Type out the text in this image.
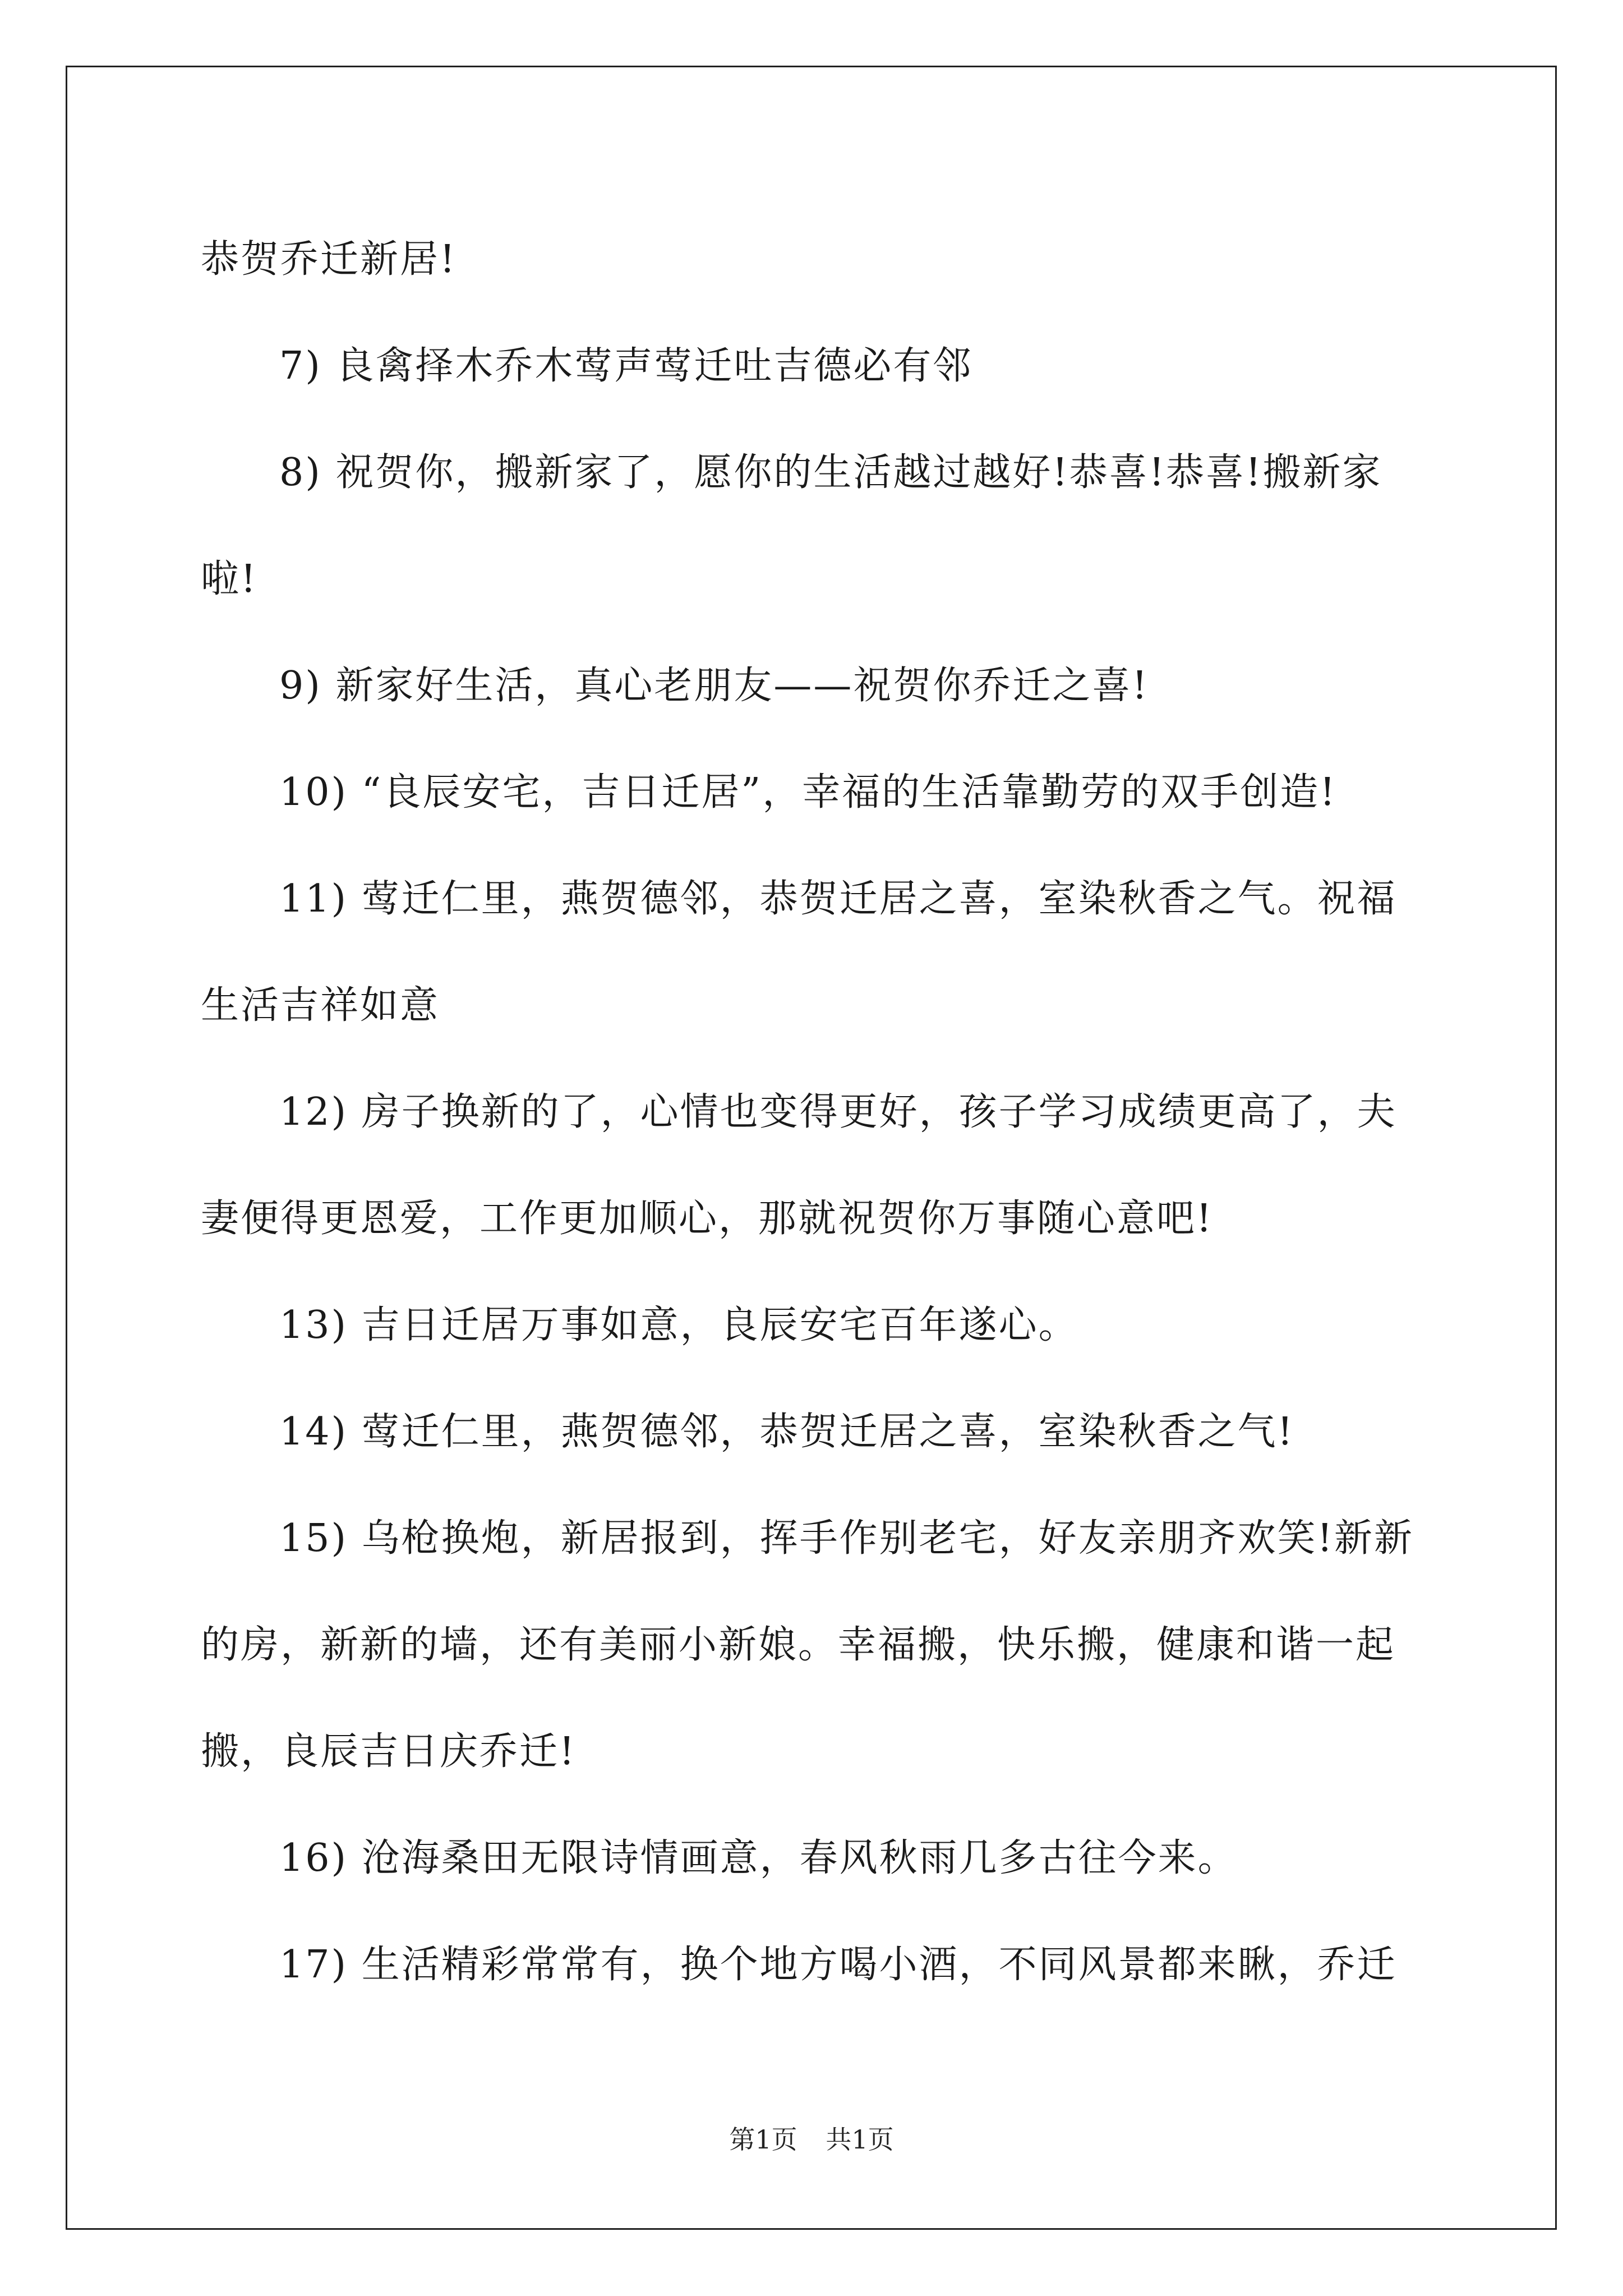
恭贺乔迁新居!

7) 良禽择木乔木莺声莺迁吐吉德必有邻

8) 祝贺你，搬新家了，愿你的生活越过越好!恭喜!恭喜!搬新家啦!

9) 新家好生活，真心老朋友——祝贺你乔迁之喜!

10) “良辰安宅，吉日迁居”，幸福的生活靠勤劳的双手创造!

11) 莺迁仁里，燕贺德邻，恭贺迁居之喜，室染秋香之气。祝福生活吉祥如意

12) 房子换新的了，心情也变得更好，孩子学习成绩更高了，夫妻便得更恩爱，工作更加顺心，那就祝贺你万事随心意吧!

13) 吉日迁居万事如意，良辰安宅百年遂心。

14) 莺迁仁里，燕贺德邻，恭贺迁居之喜，室染秋香之气!

15) 乌枪换炮，新居报到，挥手作别老宅，好友亲朋齐欢笑!新新的房，新新的墙，还有美丽小新娘。幸福搬，快乐搬，健康和谐一起搬，良辰吉日庆乔迁!

16) 沧海桑田无限诗情画意，春风秋雨几多古往今来。

17) 生活精彩常常有，换个地方喝小酒，不同风景都来瞅，乔迁

第1页 共1页
